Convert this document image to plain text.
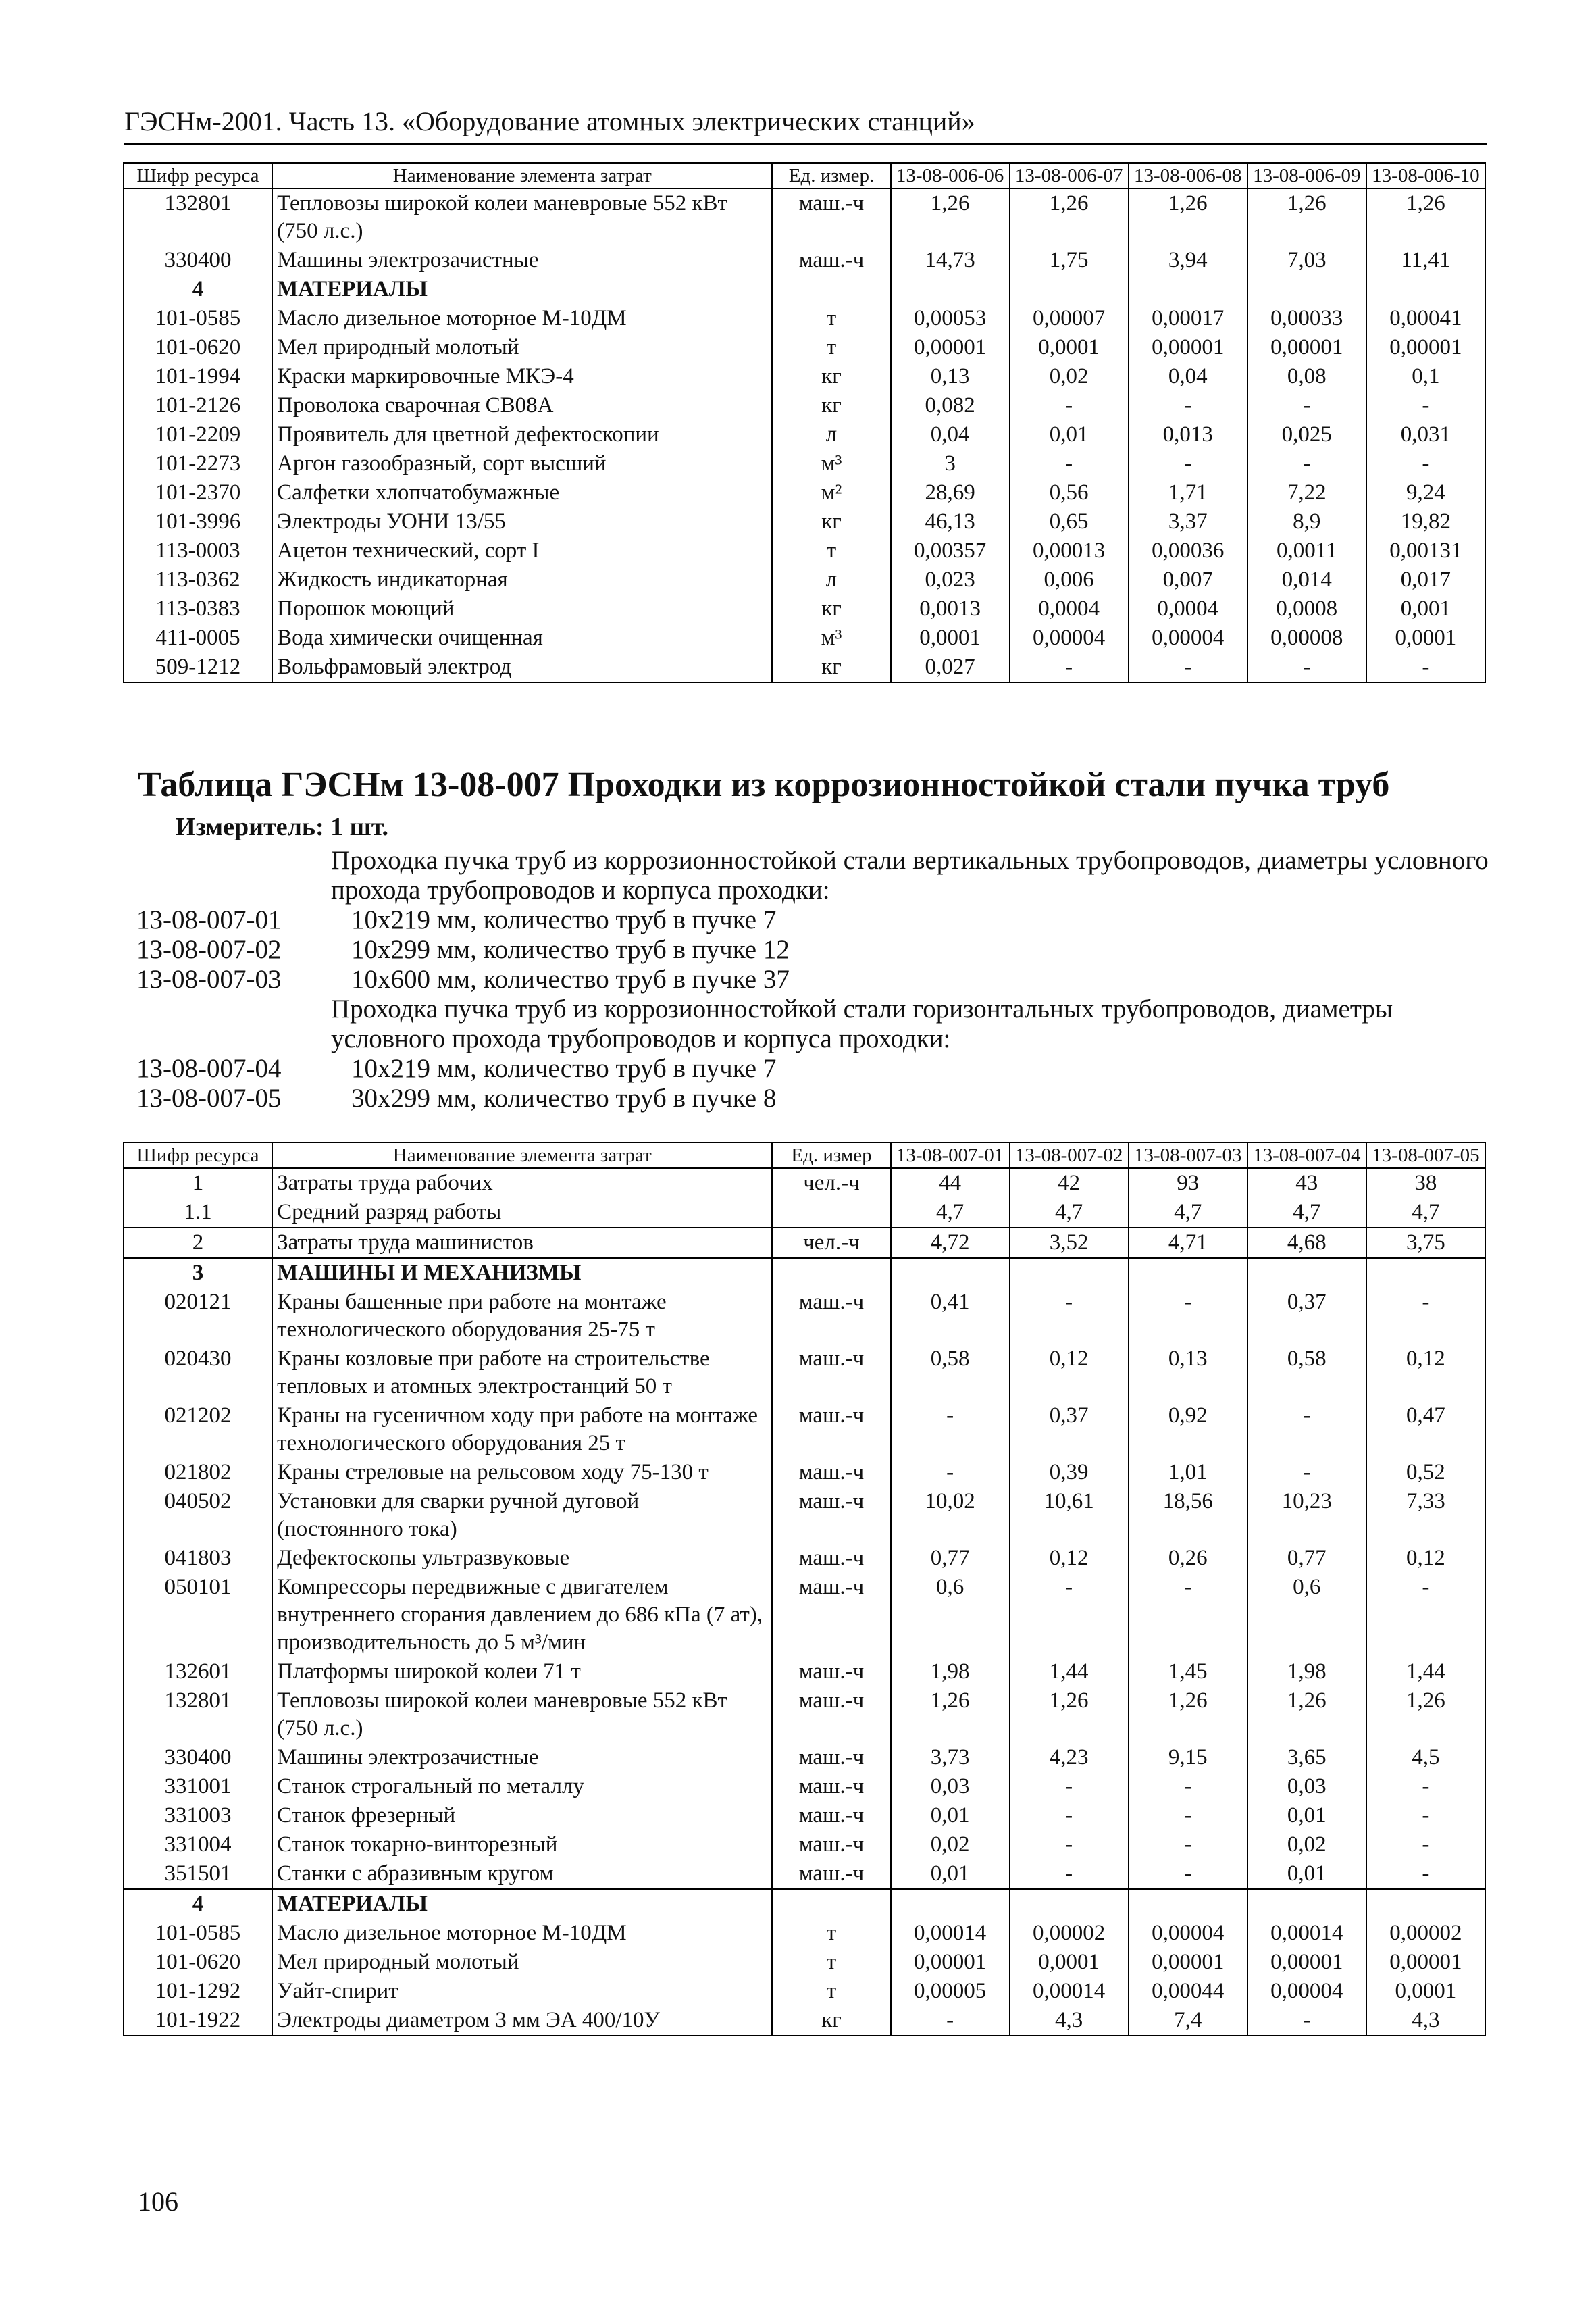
ГЭСНм-2001. Часть 13. «Оборудование атомных электрических станций»
Шифр ресурса	Наименование элемента затрат	Ед. измер.	13-08-006-06	13-08-006-07	13-08-006-08	13-08-006-09	13-08-006-10
132801	Тепловозы широкой колеи маневровые 552 кВт (750 л.с.)	маш.-ч	1,26	1,26	1,26	1,26	1,26
330400	Машины электрозачистные	маш.-ч	14,73	1,75	3,94	7,03	11,41
4	МАТЕРИАЛЫ						
101-0585	Масло дизельное моторное М-10ДМ	т	0,00053	0,00007	0,00017	0,00033	0,00041
101-0620	Мел природный молотый	т	0,00001	0,0001	0,00001	0,00001	0,00001
101-1994	Краски маркировочные МКЭ-4	кг	0,13	0,02	0,04	0,08	0,1
101-2126	Проволока сварочная СВ08А	кг	0,082	-	-	-	-
101-2209	Проявитель для цветной дефектоскопии	л	0,04	0,01	0,013	0,025	0,031
101-2273	Аргон газообразный, сорт высший	м³	3	-	-	-	-
101-2370	Салфетки хлопчатобумажные	м²	28,69	0,56	1,71	7,22	9,24
101-3996	Электроды УОНИ 13/55	кг	46,13	0,65	3,37	8,9	19,82
113-0003	Ацетон технический, сорт I	т	0,00357	0,00013	0,00036	0,0011	0,00131
113-0362	Жидкость индикаторная	л	0,023	0,006	0,007	0,014	0,017
113-0383	Порошок моющий	кг	0,0013	0,0004	0,0004	0,0008	0,001
411-0005	Вода химически очищенная	м³	0,0001	0,00004	0,00004	0,00008	0,0001
509-1212	Вольфрамовый электрод	кг	0,027	-	-	-	-
Таблица ГЭСНм 13-08-007 Проходки из коррозионностойкой стали пучка труб
Измеритель: 1 шт.
Проходка пучка труб из коррозионностойкой стали вертикальных трубопроводов, диаметры условного прохода трубопроводов и корпуса проходки:
13-08-007-01	10х219 мм, количество труб в пучке 7
13-08-007-02	10х299 мм, количество труб в пучке 12
13-08-007-03	10х600 мм, количество труб в пучке 37
Проходка пучка труб из коррозионностойкой стали горизонтальных трубопроводов, диаметры условного прохода трубопроводов и корпуса проходки:
13-08-007-04	10х219 мм, количество труб в пучке 7
13-08-007-05	30х299 мм, количество труб в пучке 8
Шифр ресурса	Наименование элемента затрат	Ед. измер	13-08-007-01	13-08-007-02	13-08-007-03	13-08-007-04	13-08-007-05
1	Затраты труда рабочих	чел.-ч	44	42	93	43	38
1.1	Средний разряд работы		4,7	4,7	4,7	4,7	4,7
2	Затраты труда машинистов	чел.-ч	4,72	3,52	4,71	4,68	3,75
3	МАШИНЫ И МЕХАНИЗМЫ						
020121	Краны башенные при работе на монтаже технологического оборудования 25-75 т	маш.-ч	0,41	-	-	0,37	-
020430	Краны козловые при работе на строительстве тепловых и атомных электростанций 50 т	маш.-ч	0,58	0,12	0,13	0,58	0,12
021202	Краны на гусеничном ходу при работе на монтаже технологического оборудования 25 т	маш.-ч	-	0,37	0,92	-	0,47
021802	Краны стреловые на рельсовом ходу 75-130 т	маш.-ч	-	0,39	1,01	-	0,52
040502	Установки для сварки ручной дуговой (постоянного тока)	маш.-ч	10,02	10,61	18,56	10,23	7,33
041803	Дефектоскопы ультразвуковые	маш.-ч	0,77	0,12	0,26	0,77	0,12
050101	Компрессоры передвижные с двигателем внутреннего сгорания давлением до 686 кПа (7 ат), производительность до 5 м³/мин	маш.-ч	0,6	-	-	0,6	-
132601	Платформы широкой колеи 71 т	маш.-ч	1,98	1,44	1,45	1,98	1,44
132801	Тепловозы широкой колеи маневровые 552 кВт (750 л.с.)	маш.-ч	1,26	1,26	1,26	1,26	1,26
330400	Машины электрозачистные	маш.-ч	3,73	4,23	9,15	3,65	4,5
331001	Станок строгальный по металлу	маш.-ч	0,03	-	-	0,03	-
331003	Станок фрезерный	маш.-ч	0,01	-	-	0,01	-
331004	Станок токарно-винторезный	маш.-ч	0,02	-	-	0,02	-
351501	Станки с абразивным кругом	маш.-ч	0,01	-	-	0,01	-
4	МАТЕРИАЛЫ						
101-0585	Масло дизельное моторное М-10ДМ	т	0,00014	0,00002	0,00004	0,00014	0,00002
101-0620	Мел природный молотый	т	0,00001	0,0001	0,00001	0,00001	0,00001
101-1292	Уайт-спирит	т	0,00005	0,00014	0,00044	0,00004	0,0001
101-1922	Электроды диаметром 3 мм ЭА 400/10У	кг	-	4,3	7,4	-	4,3
106
